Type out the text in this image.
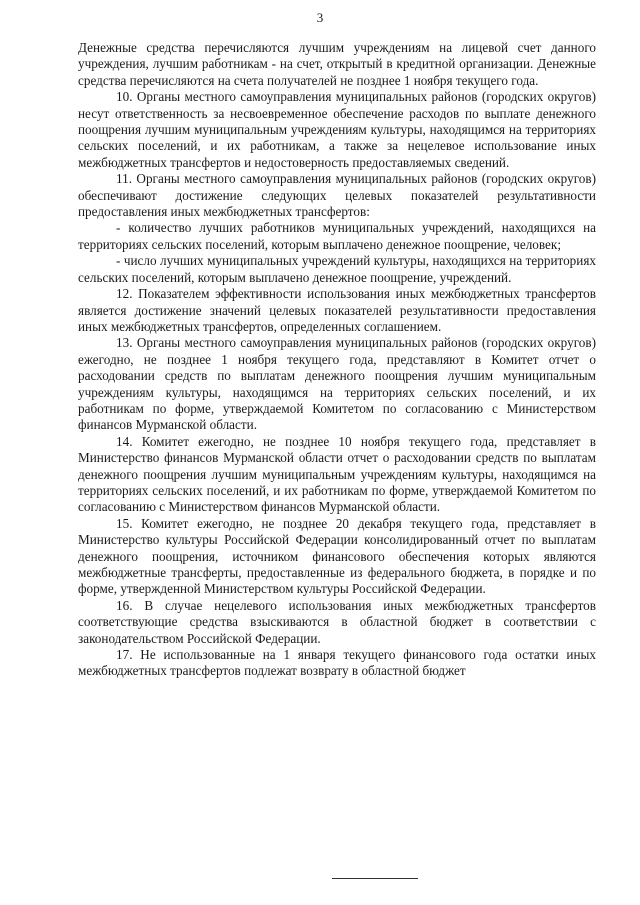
3

Денежные средства перечисляются лучшим учреждениям на лицевой счет данного учреждения, лучшим работникам - на счет, открытый в кредитной организации. Денежные средства перечисляются на счета получателей не позднее 1 ноября текущего года.

10. Органы местного самоуправления муниципальных районов (городских округов) несут ответственность за несвоевременное обеспечение расходов по выплате денежного поощрения лучшим муниципальным учреждениям культуры, находящимся на территориях сельских поселений, и их работникам, а также за нецелевое использование иных межбюджетных трансфертов и недостоверность предоставляемых сведений.

11. Органы местного самоуправления муниципальных районов (городских округов) обеспечивают достижение следующих целевых показателей результативности предоставления иных межбюджетных трансфертов:

- количество лучших работников муниципальных учреждений, находящихся на территориях сельских поселений, которым выплачено денежное поощрение, человек;

- число лучших муниципальных учреждений культуры, находящихся на территориях сельских поселений, которым выплачено денежное поощрение, учреждений.

12. Показателем эффективности использования иных межбюджетных трансфертов является достижение значений целевых показателей результативности предоставления иных межбюджетных трансфертов, определенных соглашением.

13. Органы местного самоуправления муниципальных районов (городских округов) ежегодно, не позднее 1 ноября текущего года, представляют в Комитет отчет о расходовании средств по выплатам денежного поощрения лучшим муниципальным учреждениям культуры, находящимся на территориях сельских поселений, и их работникам по форме, утверждаемой Комитетом по согласованию с Министерством финансов Мурманской области.

14. Комитет ежегодно, не позднее 10 ноября текущего года, представляет в Министерство финансов Мурманской области отчет о расходовании средств по выплатам денежного поощрения лучшим муниципальным учреждениям культуры, находящимся на территориях сельских поселений, и их работникам по форме, утверждаемой Комитетом по согласованию с Министерством финансов Мурманской области.

15. Комитет ежегодно, не позднее 20 декабря текущего года, представляет в Министерство культуры Российской Федерации консолидированный отчет по выплатам денежного поощрения, источником финансового обеспечения которых являются межбюджетные трансферты, предоставленные из федерального бюджета, в порядке и по форме, утвержденной Министерством культуры Российской Федерации.

16. В случае нецелевого использования иных межбюджетных трансфертов соответствующие средства взыскиваются в областной бюджет в соответствии с законодательством Российской Федерации.

17. Не использованные на 1 января текущего финансового года остатки иных межбюджетных трансфертов подлежат возврату в областной бюджет
